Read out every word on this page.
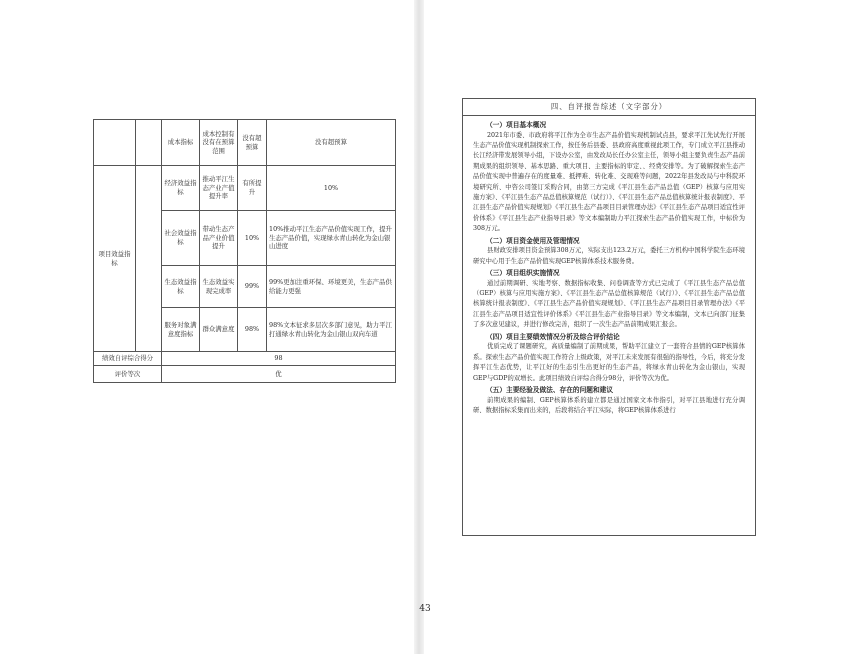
		成本指标	成本控制有没有在预算范围	没有超预算	没有超预算
项目效益指标		经济效益指标	推动平江生态产业产值提升率	有所提升	10%
		社会效益指标	带动生态产品产业价值提升	10%	10%推动平江生态产品价值实现工作，提升生态产品价值，实现绿水青山转化为金山银山进度
		生态效益指标	生态效益实现完成率	99%	99%更加注重环保、环境更美，生态产品供给能力更强
		服务对象满意度指标	群众满意度	98%	98%文本征求多层次多部门意见，助力平江打通绿水青山转化为金山银山双向车道
绩效自评综合得分		98			
评价等次		优			
四、自评报告综述（文字部分）
（一）项目基本概况

2021年市委、市政府将平江作为全市生态产品价值实现机制试点县，要求平江先试先行开展生态产品价值实现机制探索工作，按任务后县委、县政府高度重视此项工作，专门成立平江县推动长江经济带发展领导小组，下设办公室，由发改局长任办公室主任，领导小组主要负责生态产品前期成果的组织领导、基本思路、重大项目、主要指标的审定、、经费安排等。为了破解探索生态产品价值实现中普遍存在的度量难、抵押难、转化难、交现难等问题，2022年县发改局与中科院环境研究所、中咨公司签订采购合同，由第三方完成《平江县生态产品总值（GEP）核算与应用实施方案》、《平江县生态产品总值核算规范（试行）》、《平江县生态产品总值核算统计报表制度》、平江县生态产品价值实现规划》《平江县生态产品项目目录管理办法》《平江县生态产品项目适宜性评价体系》《平江县生态产业指导目录》等文本编制助力平江探索生态产品价值实现工作，中标价为308万元。

（二）项目资金使用及管理情况

县财政安排项目资金预算308万元，实际支出123.2万元，委托三方机构中国科学院生态环境研究中心用于生态产品价值实现GEP核算体系技术服务费。

（三）项目组织实施情况

通过前期调研、实地考察、数据指标收集、问卷调查等方式已完成了《平江县生态产品总值（GEP）核算与应用实施方案》、《平江县生态产品总值核算规范（试行）》、《平江县生态产品总值核算统计报表制度》、《平江县生态产品价值实现规划》、《平江县生态产品项目目录管理办法》《平江县生态产品项目适宜性评价体系》《平江县生态产业指导目录》等文本编制，文本已向部门征集了多次意见建议，并进行修改完善，组织了一次生态产品前期成果汇报会。

（四）项目主要绩效情况分析及综合评价结论

优质完成了课题研究，高质量编制了前期成果，帮助平江建立了一套符合县情的GEP核算体系。探索生态产品价值实现工作符合上级政策，对平江未来发展有很强的指导性，今后，将充分发挥平江生态优势，让平江好的生态引生出更好的生态产品，将绿水青山转化为金山银山，实现GEP与GDP的双增长。此项目绩效自评综合得分98分，评价等次为优。

（五）主要经验及做法、存在的问题和建议

前期成果的编制、GEP核算体系的建立都是通过国家文本作指引，对平江县地进行充分调研、数据指标采集而出来的，后段将结合平江实际，将GEP核算体系进行

43
